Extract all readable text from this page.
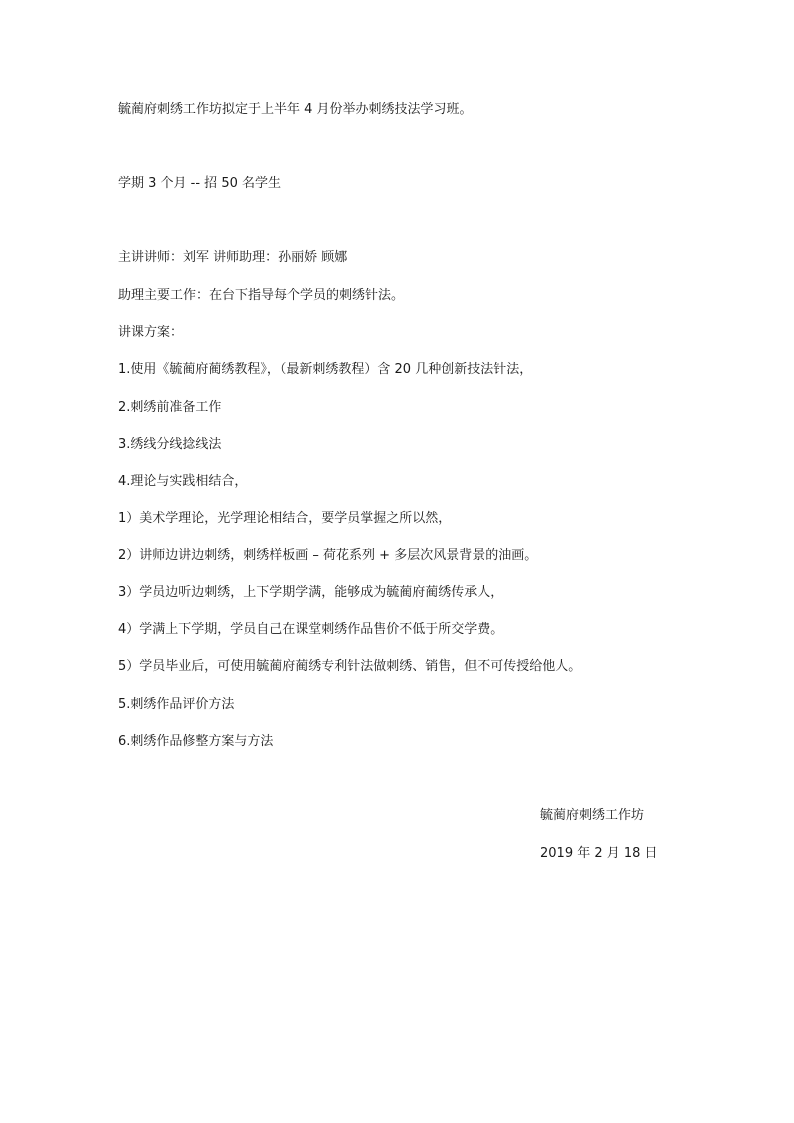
毓蔺府刺绣工作坊拟定于上半年 4 月份举办刺绣技法学习班。
学期 3 个月 -- 招 50 名学生
主讲讲师：刘军 讲师助理：孙丽娇 顾娜
助理主要工作：在台下指导每个学员的刺绣针法。
讲课方案：
1.使用《毓蔺府蔺绣教程》，（最新刺绣教程）含 20 几种创新技法针法，
2.刺绣前准备工作
3.绣线分线捻线法
4.理论与实践相结合，
1）美术学理论，光学理论相结合，要学员掌握之所以然，
2）讲师边讲边刺绣，刺绣样板画 – 荷花系列 + 多层次风景背景的油画。
3）学员边听边刺绣，上下学期学满，能够成为毓蔺府蔺绣传承人，
4）学满上下学期，学员自己在课堂刺绣作品售价不低于所交学费。
5）学员毕业后，可使用毓蔺府蔺绣专利针法做刺绣、销售，但不可传授给他人。
5.刺绣作品评价方法
6.刺绣作品修整方案与方法
毓蔺府刺绣工作坊
2019 年 2 月 18 日
